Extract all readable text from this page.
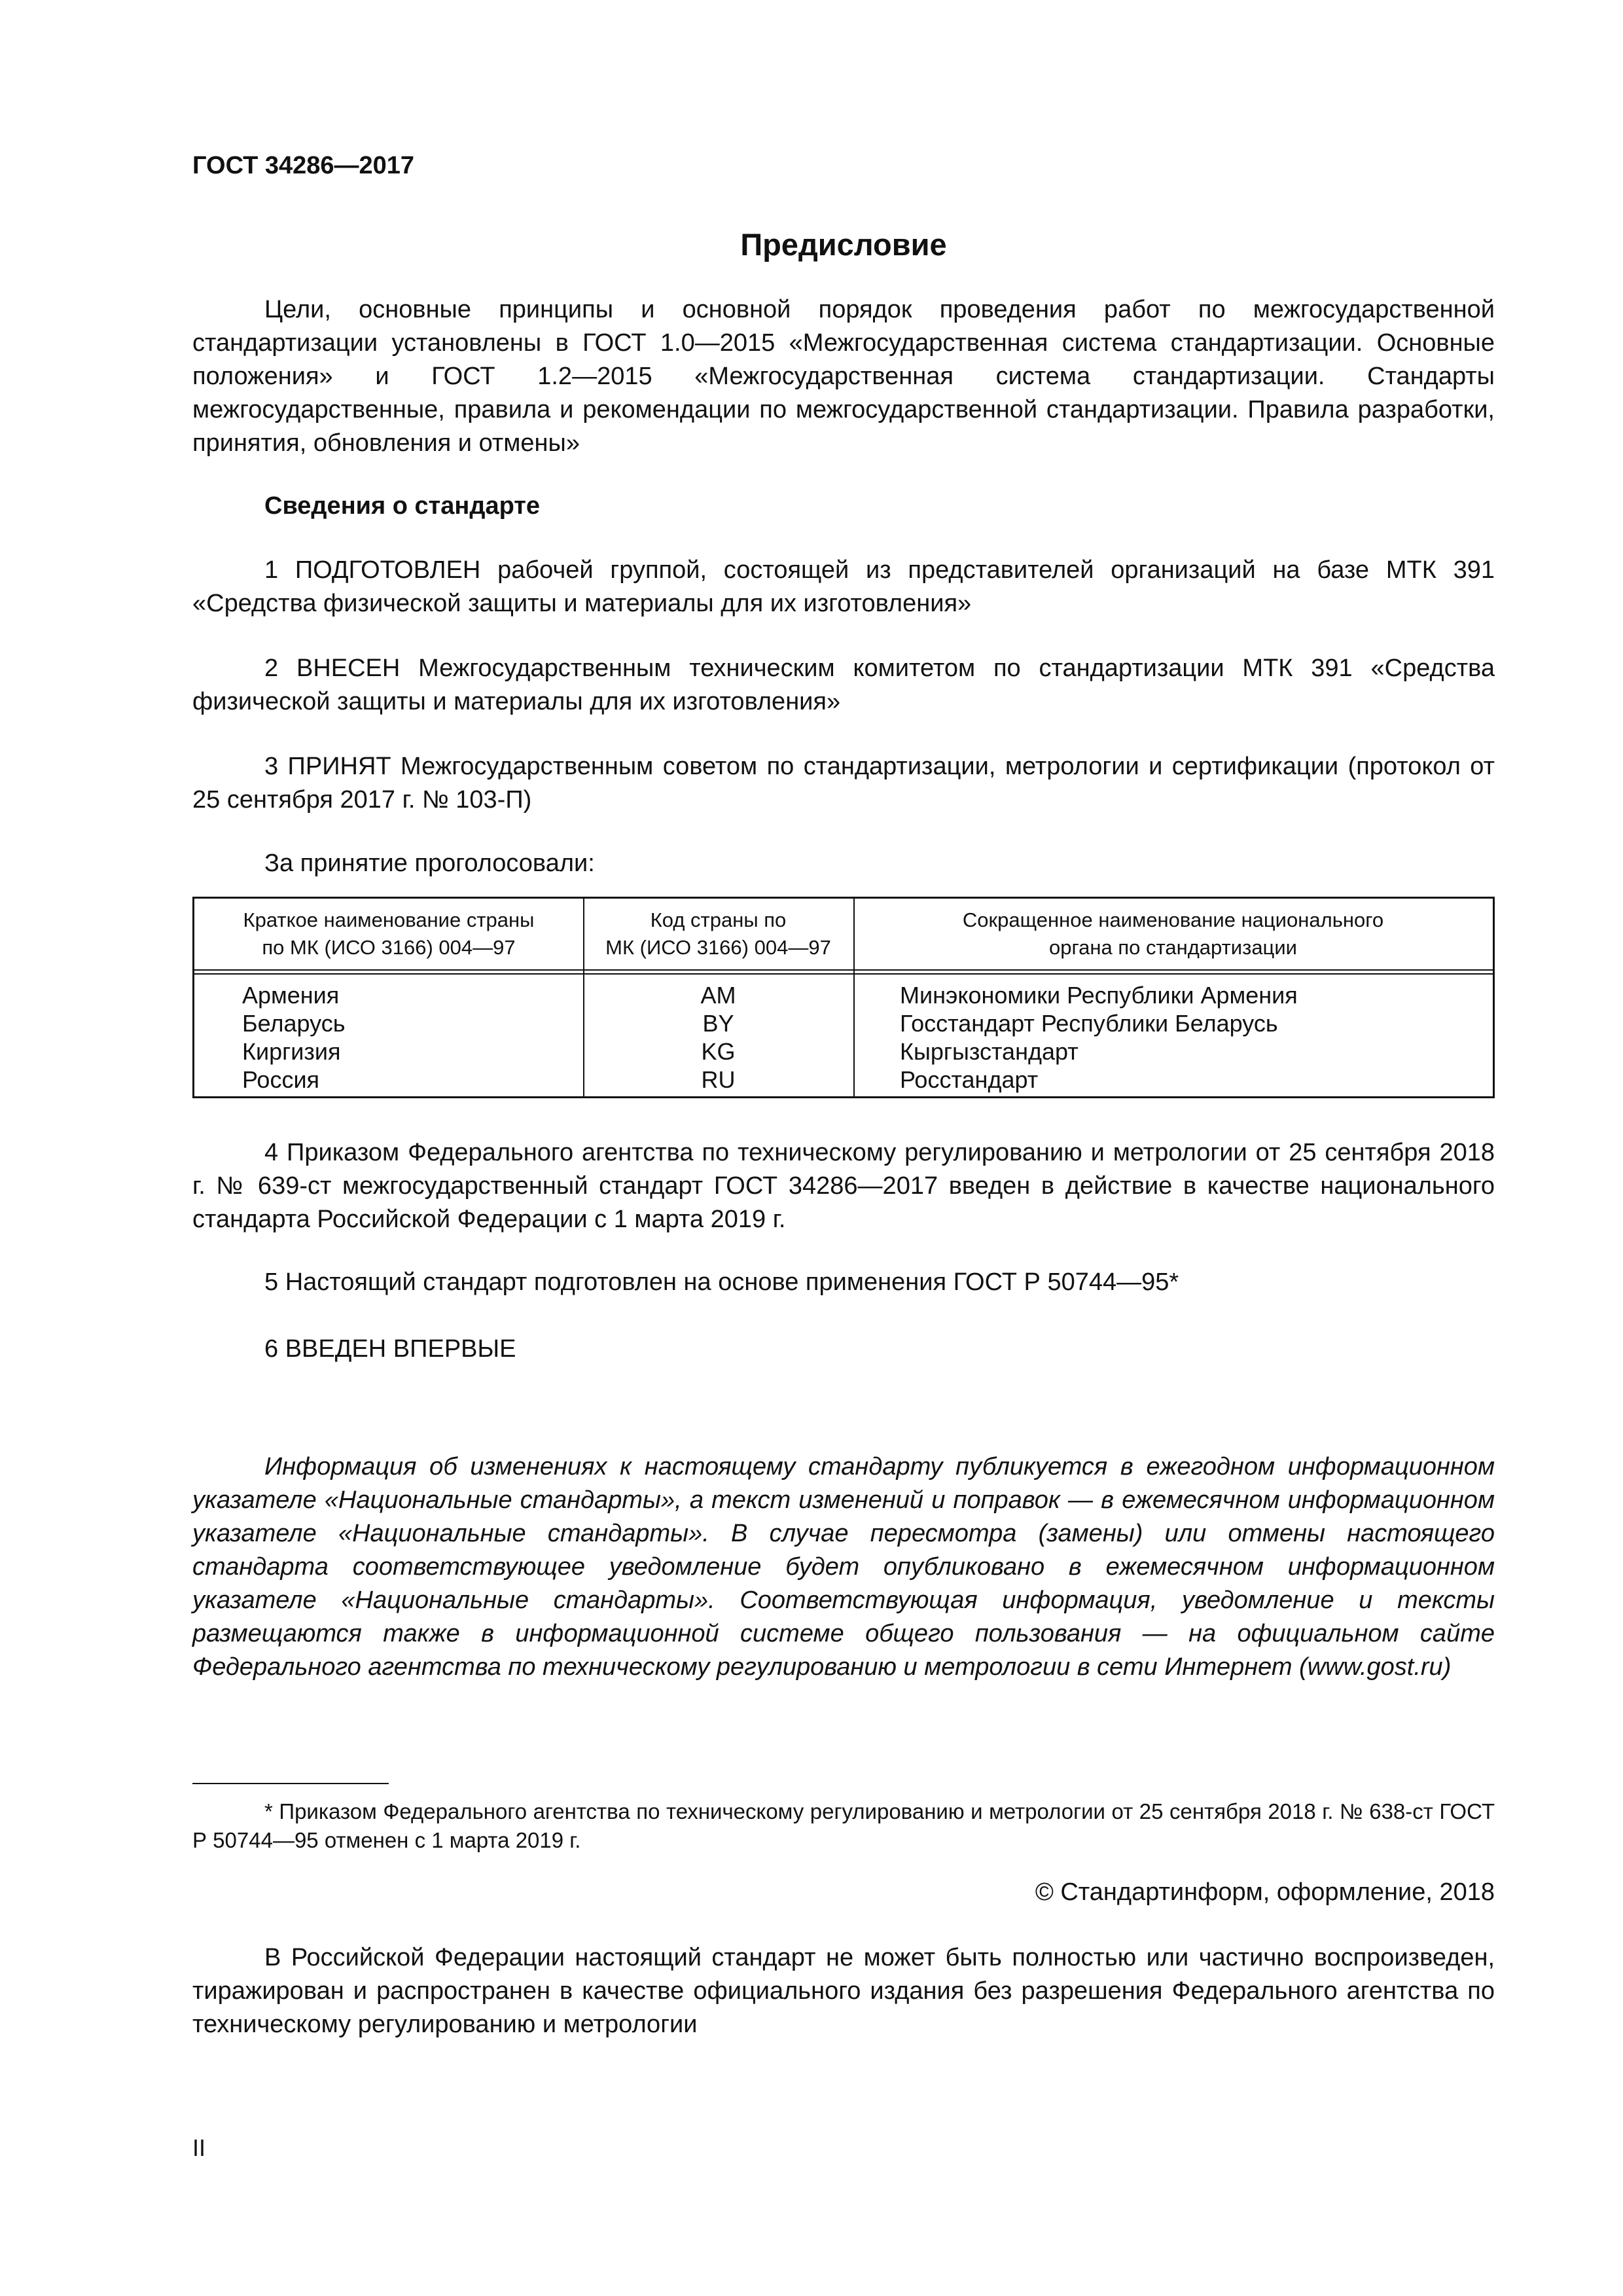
ГОСТ 34286—2017
Предисловие

Цели, основные принципы и основной порядок проведения работ по межгосударственной стандартизации установлены в ГОСТ 1.0—2015 «Межгосударственная система стандартизации. Основные положения» и ГОСТ 1.2—2015 «Межгосударственная система стандартизации. Стандарты межгосударственные, правила и рекомендации по межгосударственной стандартизации. Правила разработки, принятия, обновления и отмены»

Сведения о стандарте

1 ПОДГОТОВЛЕН рабочей группой, состоящей из представителей организаций на базе МТК 391 «Средства физической защиты и материалы для их изготовления»

2 ВНЕСЕН Межгосударственным техническим комитетом по стандартизации МТК 391 «Средства физической защиты и материалы для их изготовления»

3 ПРИНЯТ Межгосударственным советом по стандартизации, метрологии и сертификации (протокол от 25 сентября 2017 г. № 103-П)

За принятие проголосовали:
Краткое наименование страны
по МК (ИСО 3166) 004—97
Код страны по
МК (ИСО 3166) 004—97
Сокращенное наименование национального
органа по стандартизации
Армения
Беларусь
Киргизия
Россия
AM
BY
KG
RU
Минэкономики Республики Армения
Госстандарт Республики Беларусь
Кыргызстандарт
Росстандарт

4 Приказом Федерального агентства по техническому регулированию и метрологии от 25 сентября 2018 г. № 639-ст межгосударственный стандарт ГОСТ 34286—2017 введен в действие в качестве национального стандарта Российской Федерации с 1 марта 2019 г.

5 Настоящий стандарт подготовлен на основе применения ГОСТ Р 50744—95*

6 ВВЕДЕН ВПЕРВЫЕ

Информация об изменениях к настоящему стандарту публикуется в ежегодном информационном указателе «Национальные стандарты», а текст изменений и поправок — в ежемесячном информационном указателе «Национальные стандарты». В случае пересмотра (замены) или отмены настоящего стандарта соответствующее уведомление будет опубликовано в ежемесячном информационном указателе «Национальные стандарты». Соответствующая информация, уведомление и тексты размещаются также в информационной системе общего пользования — на официальном сайте Федерального агентства по техническому регулированию и метрологии в сети Интернет (www.gost.ru)

* Приказом Федерального агентства по техническому регулированию и метрологии от 25 сентября 2018 г. № 638-ст ГОСТ Р 50744—95 отменен с 1 марта 2019 г.

© Стандартинформ, оформление, 2018

В Российской Федерации настоящий стандарт не может быть полностью или частично воспроизведен, тиражирован и распространен в качестве официального издания без разрешения Федерального агентства по техническому регулированию и метрологии

II
